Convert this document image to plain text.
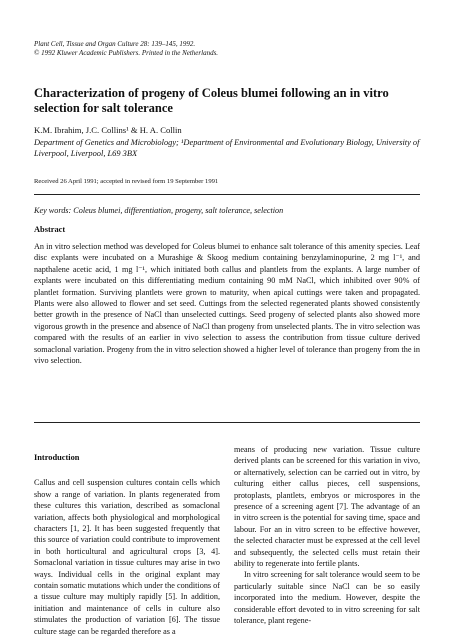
Plant Cell, Tissue and Organ Culture 28: 139–145, 1992.
© 1992 Kluwer Academic Publishers. Printed in the Netherlands.
Characterization of progeny of Coleus blumei following an in vitro selection for salt tolerance
K.M. Ibrahim, J.C. Collins¹ & H. A. Collin
Department of Genetics and Microbiology; ¹Department of Environmental and Evolutionary Biology, University of Liverpool, Liverpool, L69 3BX
Received 26 April 1991; accepted in revised form 19 September 1991
Key words: Coleus blumei, differentiation, progeny, salt tolerance, selection
Abstract

An in vitro selection method was developed for Coleus blumei to enhance salt tolerance of this amenity species. Leaf disc explants were incubated on a Murashige & Skoog medium containing benzylaminopurine, 2 mg l⁻¹, and napthalene acetic acid, 1 mg l⁻¹, which initiated both callus and plantlets from the explants. A large number of explants were incubated on this differentiating medium containing 90 mM NaCl, which inhibited over 90% of plantlet formation. Surviving plantlets were grown to maturity, when apical cuttings were taken and propagated. Plants were also allowed to flower and set seed. Cuttings from the selected regenerated plants showed consistently better growth in the presence of NaCl than unselected cuttings. Seed progeny of selected plants also showed more vigorous growth in the presence and absence of NaCl than progeny from unselected plants. The in vitro selection was compared with the results of an earlier in vivo selection to assess the contribution from tissue culture derived somaclonal variation. Progeny from the in vitro selection showed a higher level of tolerance than progeny from the in vivo selection.

Introduction

Callus and cell suspension cultures contain cells which show a range of variation. In plants regenerated from these cultures this variation, described as somaclonal variation, affects both physiological and morphological characters [1, 2]. It has been suggested frequently that this source of variation could contribute to improvement in both horticultural and agricultural crops [3, 4]. Somaclonal variation in tissue cultures may arise in two ways. Individual cells in the original explant may contain somatic mutations which under the conditions of a tissue culture may multiply rapidly [5]. In addition, initiation and maintenance of cells in culture also stimulates the production of variation [6]. The tissue culture stage can be regarded therefore as a

means of producing new variation. Tissue culture derived plants can be screened for this variation in vivo, or alternatively, selection can be carried out in vitro, by culturing either callus pieces, cell suspensions, protoplasts, plantlets, embryos or microspores in the presence of a screening agent [7]. The advantage of an in vitro screen is the potential for saving time, space and labour. For an in vitro screen to be effective however, the selected character must be expressed at the cell level and subsequently, the selected cells must retain their ability to regenerate into fertile plants.

In vitro screening for salt tolerance would seem to be particularly suitable since NaCl can be so easily incorporated into the medium. However, despite the considerable effort devoted to in vitro screening for salt tolerance, plant regene-
